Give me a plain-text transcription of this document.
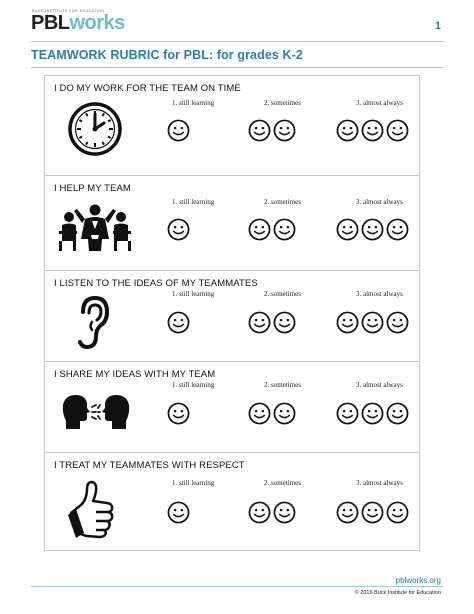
BUCK INSTITUTE FOR EDUCATION
PBLworks	1
TEAMWORK RUBRIC for PBL: for grades K-2
I DO MY WORK FOR THE TEAM ON TIME
1. still learning	2. sometimes	3. almost always
I HELP MY TEAM
1. still learning	2. sometimes	3. almost always
I LISTEN TO THE IDEAS OF MY TEAMMATES
1. still learning	2. sometimes	3. almost always
I SHARE MY IDEAS WITH MY TEAM
1. still learning	2. sometimes	3. almost always
I TREAT MY TEAMMATES WITH RESPECT
1. still learning	2. sometimes	3. almost always
pblworks.org
© 2019 Buck Institute for Education
